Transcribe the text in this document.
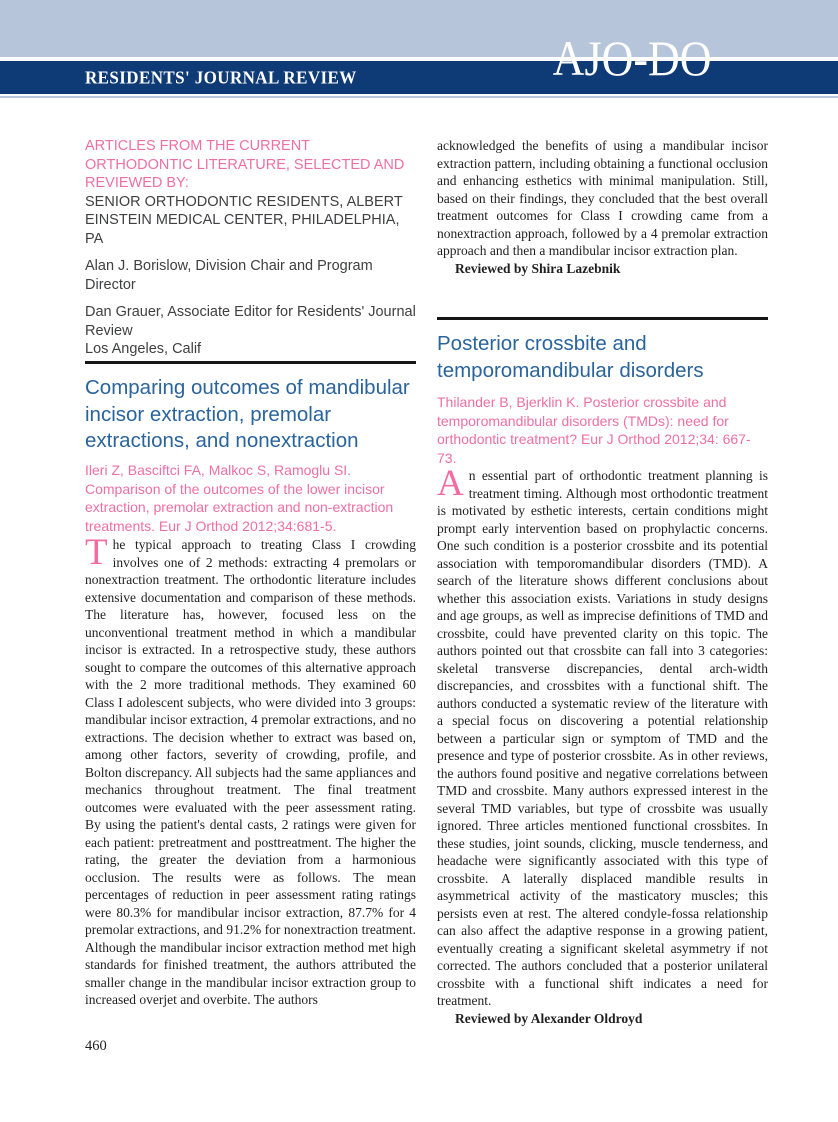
RESIDENTS' JOURNAL REVIEW	AJO-DO

ARTICLES FROM THE CURRENT ORTHODONTIC LITERATURE, SELECTED AND REVIEWED BY:

SENIOR ORTHODONTIC RESIDENTS, ALBERT EINSTEIN MEDICAL CENTER, PHILADELPHIA, PA

Alan J. Borislow, Division Chair and Program Director

Dan Grauer, Associate Editor for Residents' Journal Review
Los Angeles, Calif

Comparing outcomes of mandibular incisor extraction, premolar extractions, and nonextraction

Ileri Z, Basciftci FA, Malkoc S, Ramoglu SI. Comparison of the outcomes of the lower incisor extraction, premolar extraction and non-extraction treatments. Eur J Orthod 2012;34:681-5.

The typical approach to treating Class I crowding involves one of 2 methods: extracting 4 premolars or nonextraction treatment. The orthodontic literature includes extensive documentation and comparison of these methods. The literature has, however, focused less on the unconventional treatment method in which a mandibular incisor is extracted. In a retrospective study, these authors sought to compare the outcomes of this alternative approach with the 2 more traditional methods. They examined 60 Class I adolescent subjects, who were divided into 3 groups: mandibular incisor extraction, 4 premolar extractions, and no extractions. The decision whether to extract was based on, among other factors, severity of crowding, profile, and Bolton discrepancy. All subjects had the same appliances and mechanics throughout treatment. The final treatment outcomes were evaluated with the peer assessment rating. By using the patient's dental casts, 2 ratings were given for each patient: pretreatment and posttreatment. The higher the rating, the greater the deviation from a harmonious occlusion. The results were as follows. The mean percentages of reduction in peer assessment rating ratings were 80.3% for mandibular incisor extraction, 87.7% for 4 premolar extractions, and 91.2% for nonextraction treatment. Although the mandibular incisor extraction method met high standards for finished treatment, the authors attributed the smaller change in the mandibular incisor extraction group to increased overjet and overbite. The authors

460

acknowledged the benefits of using a mandibular incisor extraction pattern, including obtaining a functional occlusion and enhancing esthetics with minimal manipulation. Still, based on their findings, they concluded that the best overall treatment outcomes for Class I crowding came from a nonextraction approach, followed by a 4 premolar extraction approach and then a mandibular incisor extraction plan.

Reviewed by Shira Lazebnik

Posterior crossbite and temporomandibular disorders

Thilander B, Bjerklin K. Posterior crossbite and temporomandibular disorders (TMDs): need for orthodontic treatment? Eur J Orthod 2012;34: 667-73.

An essential part of orthodontic treatment planning is treatment timing. Although most orthodontic treatment is motivated by esthetic interests, certain conditions might prompt early intervention based on prophylactic concerns. One such condition is a posterior crossbite and its potential association with temporomandibular disorders (TMD). A search of the literature shows different conclusions about whether this association exists. Variations in study designs and age groups, as well as imprecise definitions of TMD and crossbite, could have prevented clarity on this topic. The authors pointed out that crossbite can fall into 3 categories: skeletal transverse discrepancies, dental arch-width discrepancies, and crossbites with a functional shift. The authors conducted a systematic review of the literature with a special focus on discovering a potential relationship between a particular sign or symptom of TMD and the presence and type of posterior crossbite. As in other reviews, the authors found positive and negative correlations between TMD and crossbite. Many authors expressed interest in the several TMD variables, but type of crossbite was usually ignored. Three articles mentioned functional crossbites. In these studies, joint sounds, clicking, muscle tenderness, and headache were significantly associated with this type of crossbite. A laterally displaced mandible results in asymmetrical activity of the masticatory muscles; this persists even at rest. The altered condyle-fossa relationship can also affect the adaptive response in a growing patient, eventually creating a significant skeletal asymmetry if not corrected. The authors concluded that a posterior unilateral crossbite with a functional shift indicates a need for treatment.

Reviewed by Alexander Oldroyd
